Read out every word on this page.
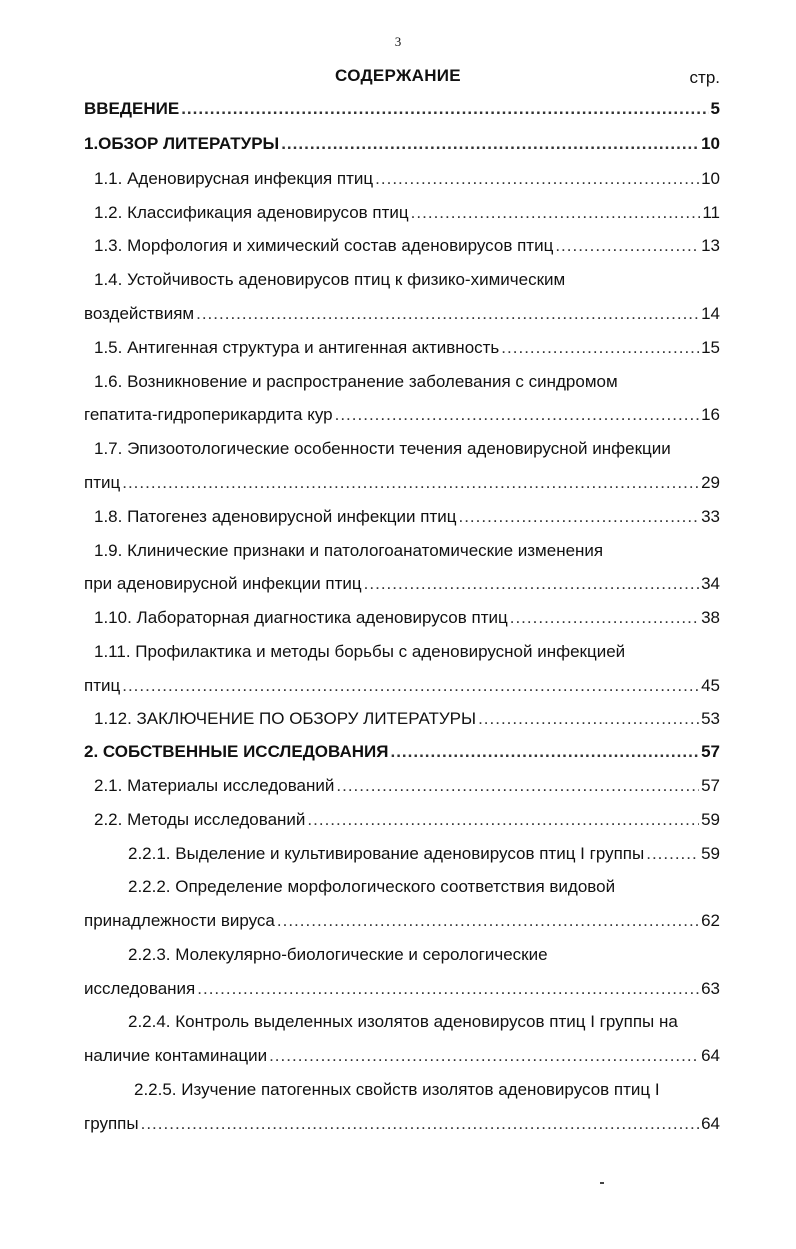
3
СОДЕРЖАНИЕ	стр.
ВВЕДЕНИЕ .....	5
1.ОБЗОР ЛИТЕРАТУРЫ .....	10
1.1. Аденовирусная инфекция птиц .....	10
1.2. Классификация аденовирусов птиц .....	11
1.3. Морфология и химический состав аденовирусов птиц .....	13
1.4. Устойчивость аденовирусов птиц к физико-химическим
воздействиям .....	14
1.5. Антигенная структура и антигенная активность .....	15
1.6. Возникновение и распространение заболевания с синдромом
гепатита-гидроперикардита кур .....	16
1.7. Эпизоотологические особенности течения аденовирусной инфекции
птиц .....	29
1.8. Патогенез аденовирусной инфекции птиц .....	33
1.9. Клинические признаки и патологоанатомические изменения
при аденовирусной инфекции птиц .....	34
1.10. Лабораторная диагностика аденовирусов птиц .....	38
1.11. Профилактика и методы борьбы с аденовирусной инфекцией
птиц .....	45
1.12. ЗАКЛЮЧЕНИЕ ПО ОБЗОРУ ЛИТЕРАТУРЫ .....	53
2. СОБСТВЕННЫЕ ИССЛЕДОВАНИЯ .....	57
2.1. Материалы исследований .....	57
2.2. Методы исследований .....	59
2.2.1. Выделение и культивирование аденовирусов птиц I группы .....	59
2.2.2. Определение морфологического соответствия видовой
принадлежности вируса .....	62
2.2.3. Молекулярно-биологические и серологические
исследования .....	63
2.2.4. Контроль выделенных изолятов аденовирусов птиц I группы на
наличие контаминации .....	64
2.2.5. Изучение патогенных свойств изолятов аденовирусов птиц I
группы .....	64
